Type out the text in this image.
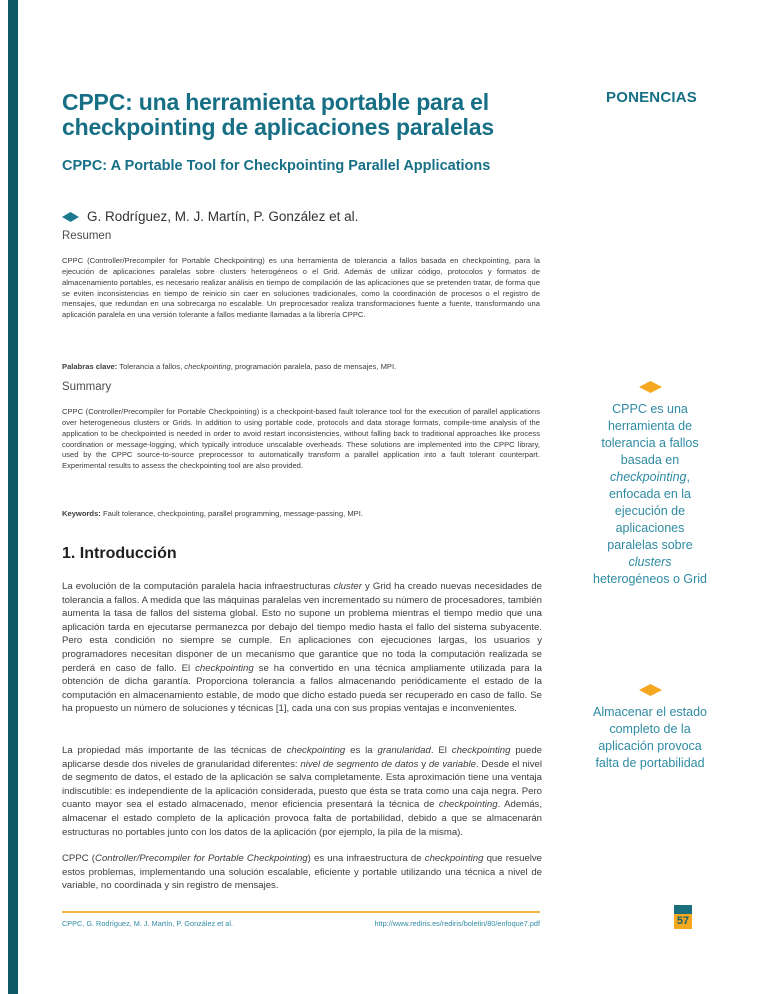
PONENCIAS
CPPC: una herramienta portable para el checkpointing de aplicaciones paralelas
CPPC: A Portable Tool for Checkpointing Parallel Applications
G. Rodríguez, M. J. Martín, P. González et al.
Resumen

CPPC (Controller/Precompiler for Portable Checkpointing) es una herramienta de tolerancia a fallos basada en checkpointing, para la ejecución de aplicaciones paralelas sobre clusters heterogéneos o el Grid. Además de utilizar código, protocolos y formatos de almacenamiento portables, es necesario realizar análisis en tiempo de compilación de las aplicaciones que se pretenden tratar, de forma que se eviten inconsistencias en tiempo de reinicio sin caer en soluciones tradicionales, como la coordinación de procesos o el registro de mensajes, que redundan en una sobrecarga no escalable. Un preprocesador realiza transformaciones fuente a fuente, transformando una aplicación paralela en una versión tolerante a fallos mediante llamadas a la librería CPPC.

Palabras clave: Tolerancia a fallos, checkpointing, programación paralela, paso de mensajes, MPI.

Summary

CPPC (Controller/Precompiler for Portable Checkpointing) is a checkpoint-based fault tolerance tool for the execution of parallel applications over heterogeneous clusters or Grids. In addition to using portable code, protocols and data storage formats, compile-time analysis of the application to be checkpointed is needed in order to avoid restart inconsistencies, without falling back to traditional approaches like process coordination or message-logging, which typically introduce unscalable overheads. These solutions are implemented into the CPPC library, used by the CPPC source-to-source preprocessor to automatically transform a parallel application into a fault tolerant counterpart. Experimental results to assess the checkpointing tool are also provided.

Keywords: Fault tolerance, checkpointing, parallel programming, message-passing, MPI.

1. Introducción

La evolución de la computación paralela hacia infraestructuras cluster y Grid ha creado nuevas necesidades de tolerancia a fallos. A medida que las máquinas paralelas ven incrementado su número de procesadores, también aumenta la tasa de fallos del sistema global. Esto no supone un problema mientras el tiempo medio que una aplicación tarda en ejecutarse permanezca por debajo del tiempo medio hasta el fallo del sistema subyacente. Pero esta condición no siempre se cumple. En aplicaciones con ejecuciones largas, los usuarios y programadores necesitan disponer de un mecanismo que garantice que no toda la computación realizada se perderá en caso de fallo. El checkpointing se ha convertido en una técnica ampliamente utilizada para la obtención de dicha garantía. Proporciona tolerancia a fallos almacenando periódicamente el estado de la computación en almacenamiento estable, de modo que dicho estado pueda ser recuperado en caso de fallo. Se ha propuesto un número de soluciones y técnicas [1], cada una con sus propias ventajas e inconvenientes.

La propiedad más importante de las técnicas de checkpointing es la granularidad. El checkpointing puede aplicarse desde dos niveles de granularidad diferentes: nivel de segmento de datos y de variable. Desde el nivel de segmento de datos, el estado de la aplicación se salva completamente. Esta aproximación tiene una ventaja indiscutible: es independiente de la aplicación considerada, puesto que ésta se trata como una caja negra. Pero cuanto mayor sea el estado almacenado, menor eficiencia presentará la técnica de checkpointing. Además, almacenar el estado completo de la aplicación provoca falta de portabilidad, debido a que se almacenarán estructuras no portables junto con los datos de la aplicación (por ejemplo, la pila de la misma).

CPPC (Controller/Precompiler for Portable Checkpointing) es una infraestructura de checkpointing que resuelve estos problemas, implementando una solución escalable, eficiente y portable utilizando una técnica a nivel de variable, no coordinada y sin registro de mensajes.

CPPC es una herramienta de tolerancia a fallos basada en checkpointing, enfocada en la ejecución de aplicaciones paralelas sobre clusters heterogéneos o Grid
Almacenar el estado completo de la aplicación provoca falta de portabilidad
CPPC, G. Rodríguez, M. J. Martín, P. González et al.	http://www.rediris.es/rediris/boletin/80/enfoque7.pdf	57
